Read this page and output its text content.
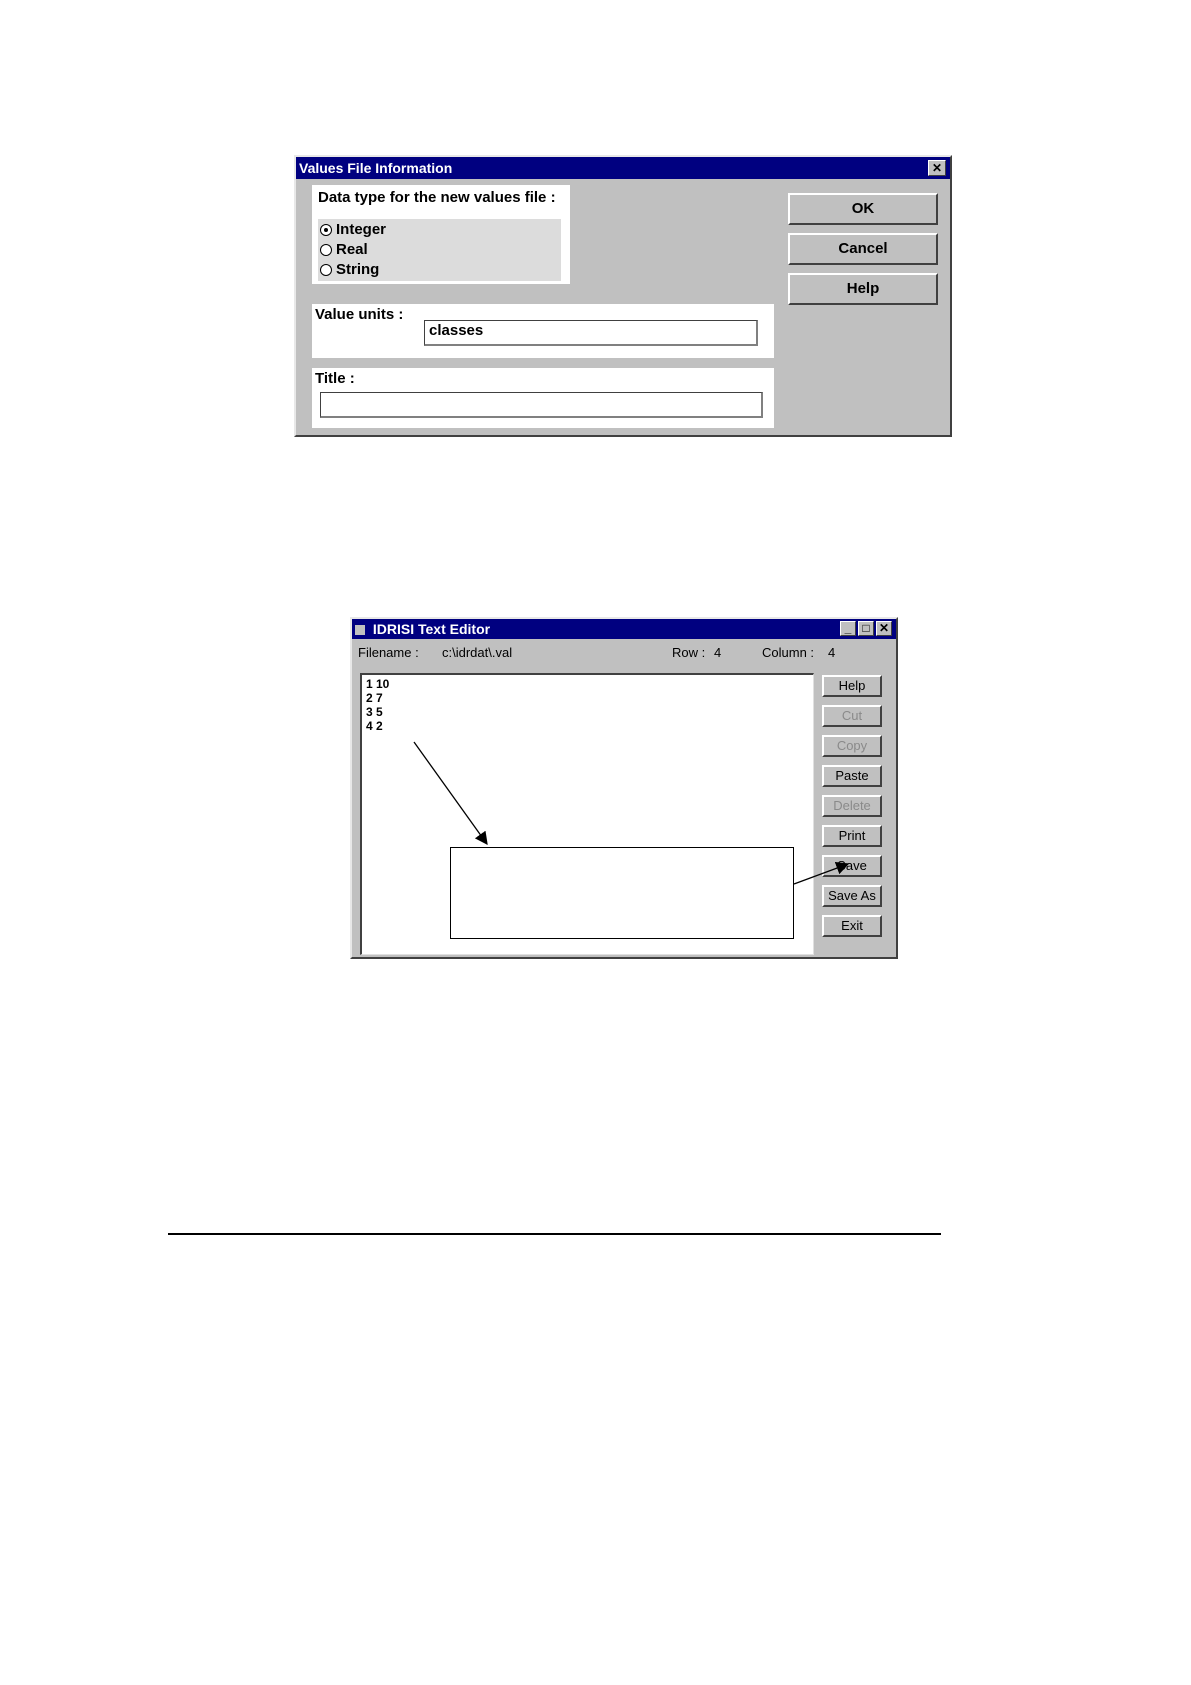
Values File Information	✕
Data type for the new values file :
Integer
Real
String
Value units :
classes
Title :
OK
Cancel
Help
IDRISI Text Editor	_ □ ✕
Filename : c:\idrdat\.val	Row : 4	Column : 4
1 10
2 7
3 5
4 2
Help
Cut
Copy
Paste
Delete
Print
Save
Save As
Exit
